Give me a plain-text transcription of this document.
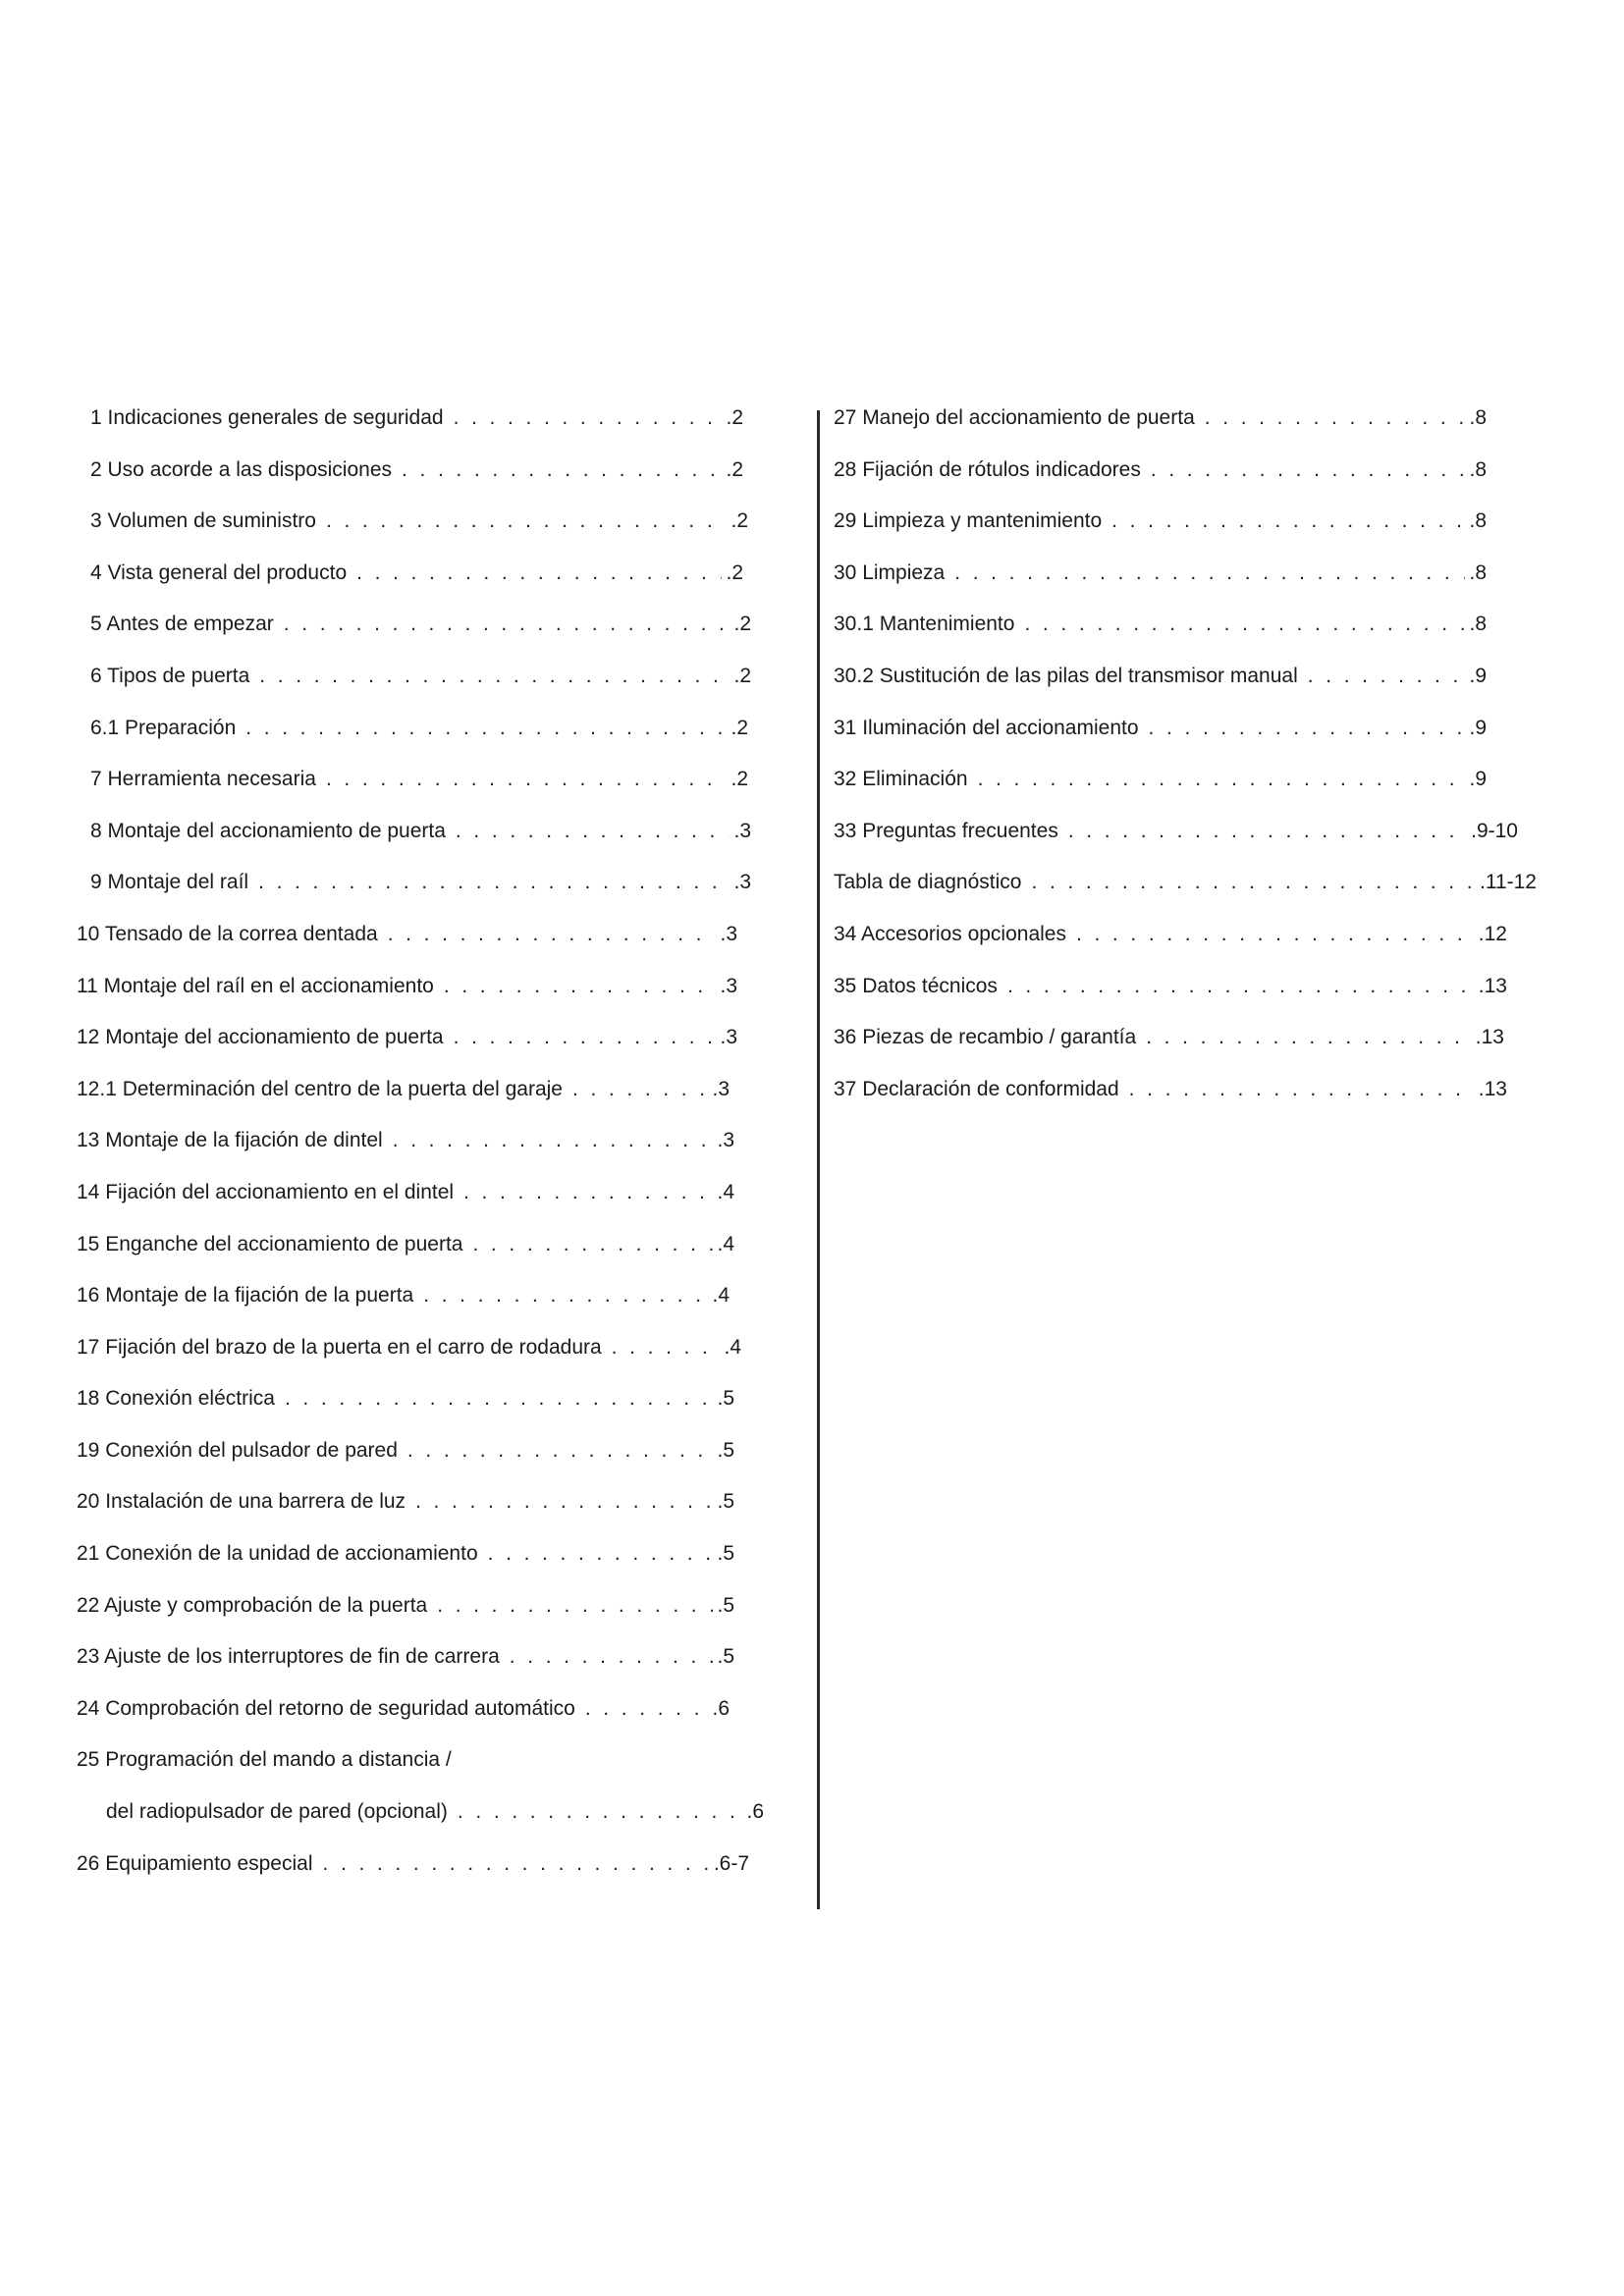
1 Indicaciones generales de seguridad . . .	.2
2 Uso acorde a las disposiciones . . .	.2
3 Volumen de suministro . . .	.2
4 Vista general del producto . . .	.2
5 Antes de empezar . . .	.2
6 Tipos de puerta . . .	.2
6.1 Preparación . . .	.2
7 Herramienta necesaria . . .	.2
8 Montaje del accionamiento de puerta . . .	.3
9 Montaje del raíl . . .	.3
10 Tensado de la correa dentada . . .	.3
11 Montaje del raíl en el accionamiento . . .	.3
12 Montaje del accionamiento de puerta . . .	.3
12.1 Determinación del centro de la puerta del garaje . . .	.3
13 Montaje de la fijación de dintel . . .	.3
14 Fijación del accionamiento en el dintel . . .	.4
15 Enganche del accionamiento de puerta . . .	.4
16 Montaje de la fijación de la puerta . . .	.4
17 Fijación del brazo de la puerta en el carro de rodadura . . .	.4
18 Conexión eléctrica . . .	.5
19 Conexión del pulsador de pared . . .	.5
20 Instalación de una barrera de luz . . .	.5
21 Conexión de la unidad de accionamiento . . .	.5
22 Ajuste y comprobación de la puerta . . .	.5
23 Ajuste de los interruptores de fin de carrera . . .	.5
24 Comprobación del retorno de seguridad automático . . .	.6
25 Programación del mando a distancia /
del radiopulsador de pared (opcional) . . .	.6
26 Equipamiento especial . . .	.6-7
27 Manejo del accionamiento de puerta . . .	.8
28 Fijación de rótulos indicadores . . .	.8
29 Limpieza y mantenimiento . . .	.8
30 Limpieza . . .	.8
30.1 Mantenimiento . . .	.8
30.2 Sustitución de las pilas del transmisor manual . . .	.9
31 Iluminación del accionamiento . . .	.9
32 Eliminación . . .	.9
33 Preguntas frecuentes . . .	.9-10
Tabla de diagnóstico . . .	.11-12
34 Accesorios opcionales . . .	.12
35 Datos técnicos . . .	.13
36 Piezas de recambio / garantía . . .	.13
37 Declaración de conformidad . . .	.13
